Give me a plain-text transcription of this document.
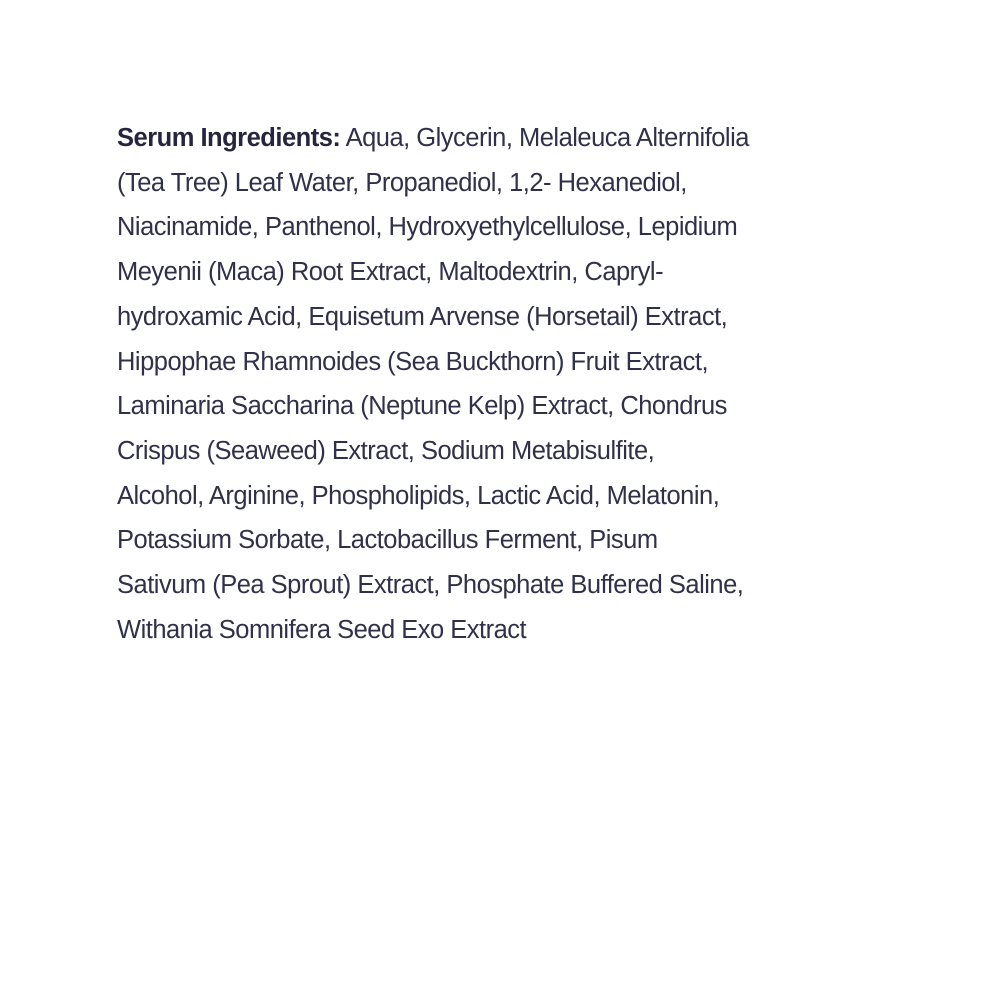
Serum Ingredients: Aqua, Glycerin, Melaleuca Alternifolia
(Tea Tree) Leaf Water, Propanediol, 1,2- Hexanediol,
Niacinamide, Panthenol, Hydroxyethylcellulose, Lepidium
Meyenii (Maca) Root Extract, Maltodextrin, Capryl-
hydroxamic Acid, Equisetum Arvense (Horsetail) Extract,
Hippophae Rhamnoides (Sea Buckthorn) Fruit Extract,
Laminaria Saccharina (Neptune Kelp) Extract, Chondrus
Crispus (Seaweed) Extract, Sodium Metabisulfite,
Alcohol, Arginine, Phospholipids, Lactic Acid, Melatonin,
Potassium Sorbate, Lactobacillus Ferment, Pisum
Sativum (Pea Sprout) Extract, Phosphate Buffered Saline,
Withania Somnifera Seed Exo Extract
